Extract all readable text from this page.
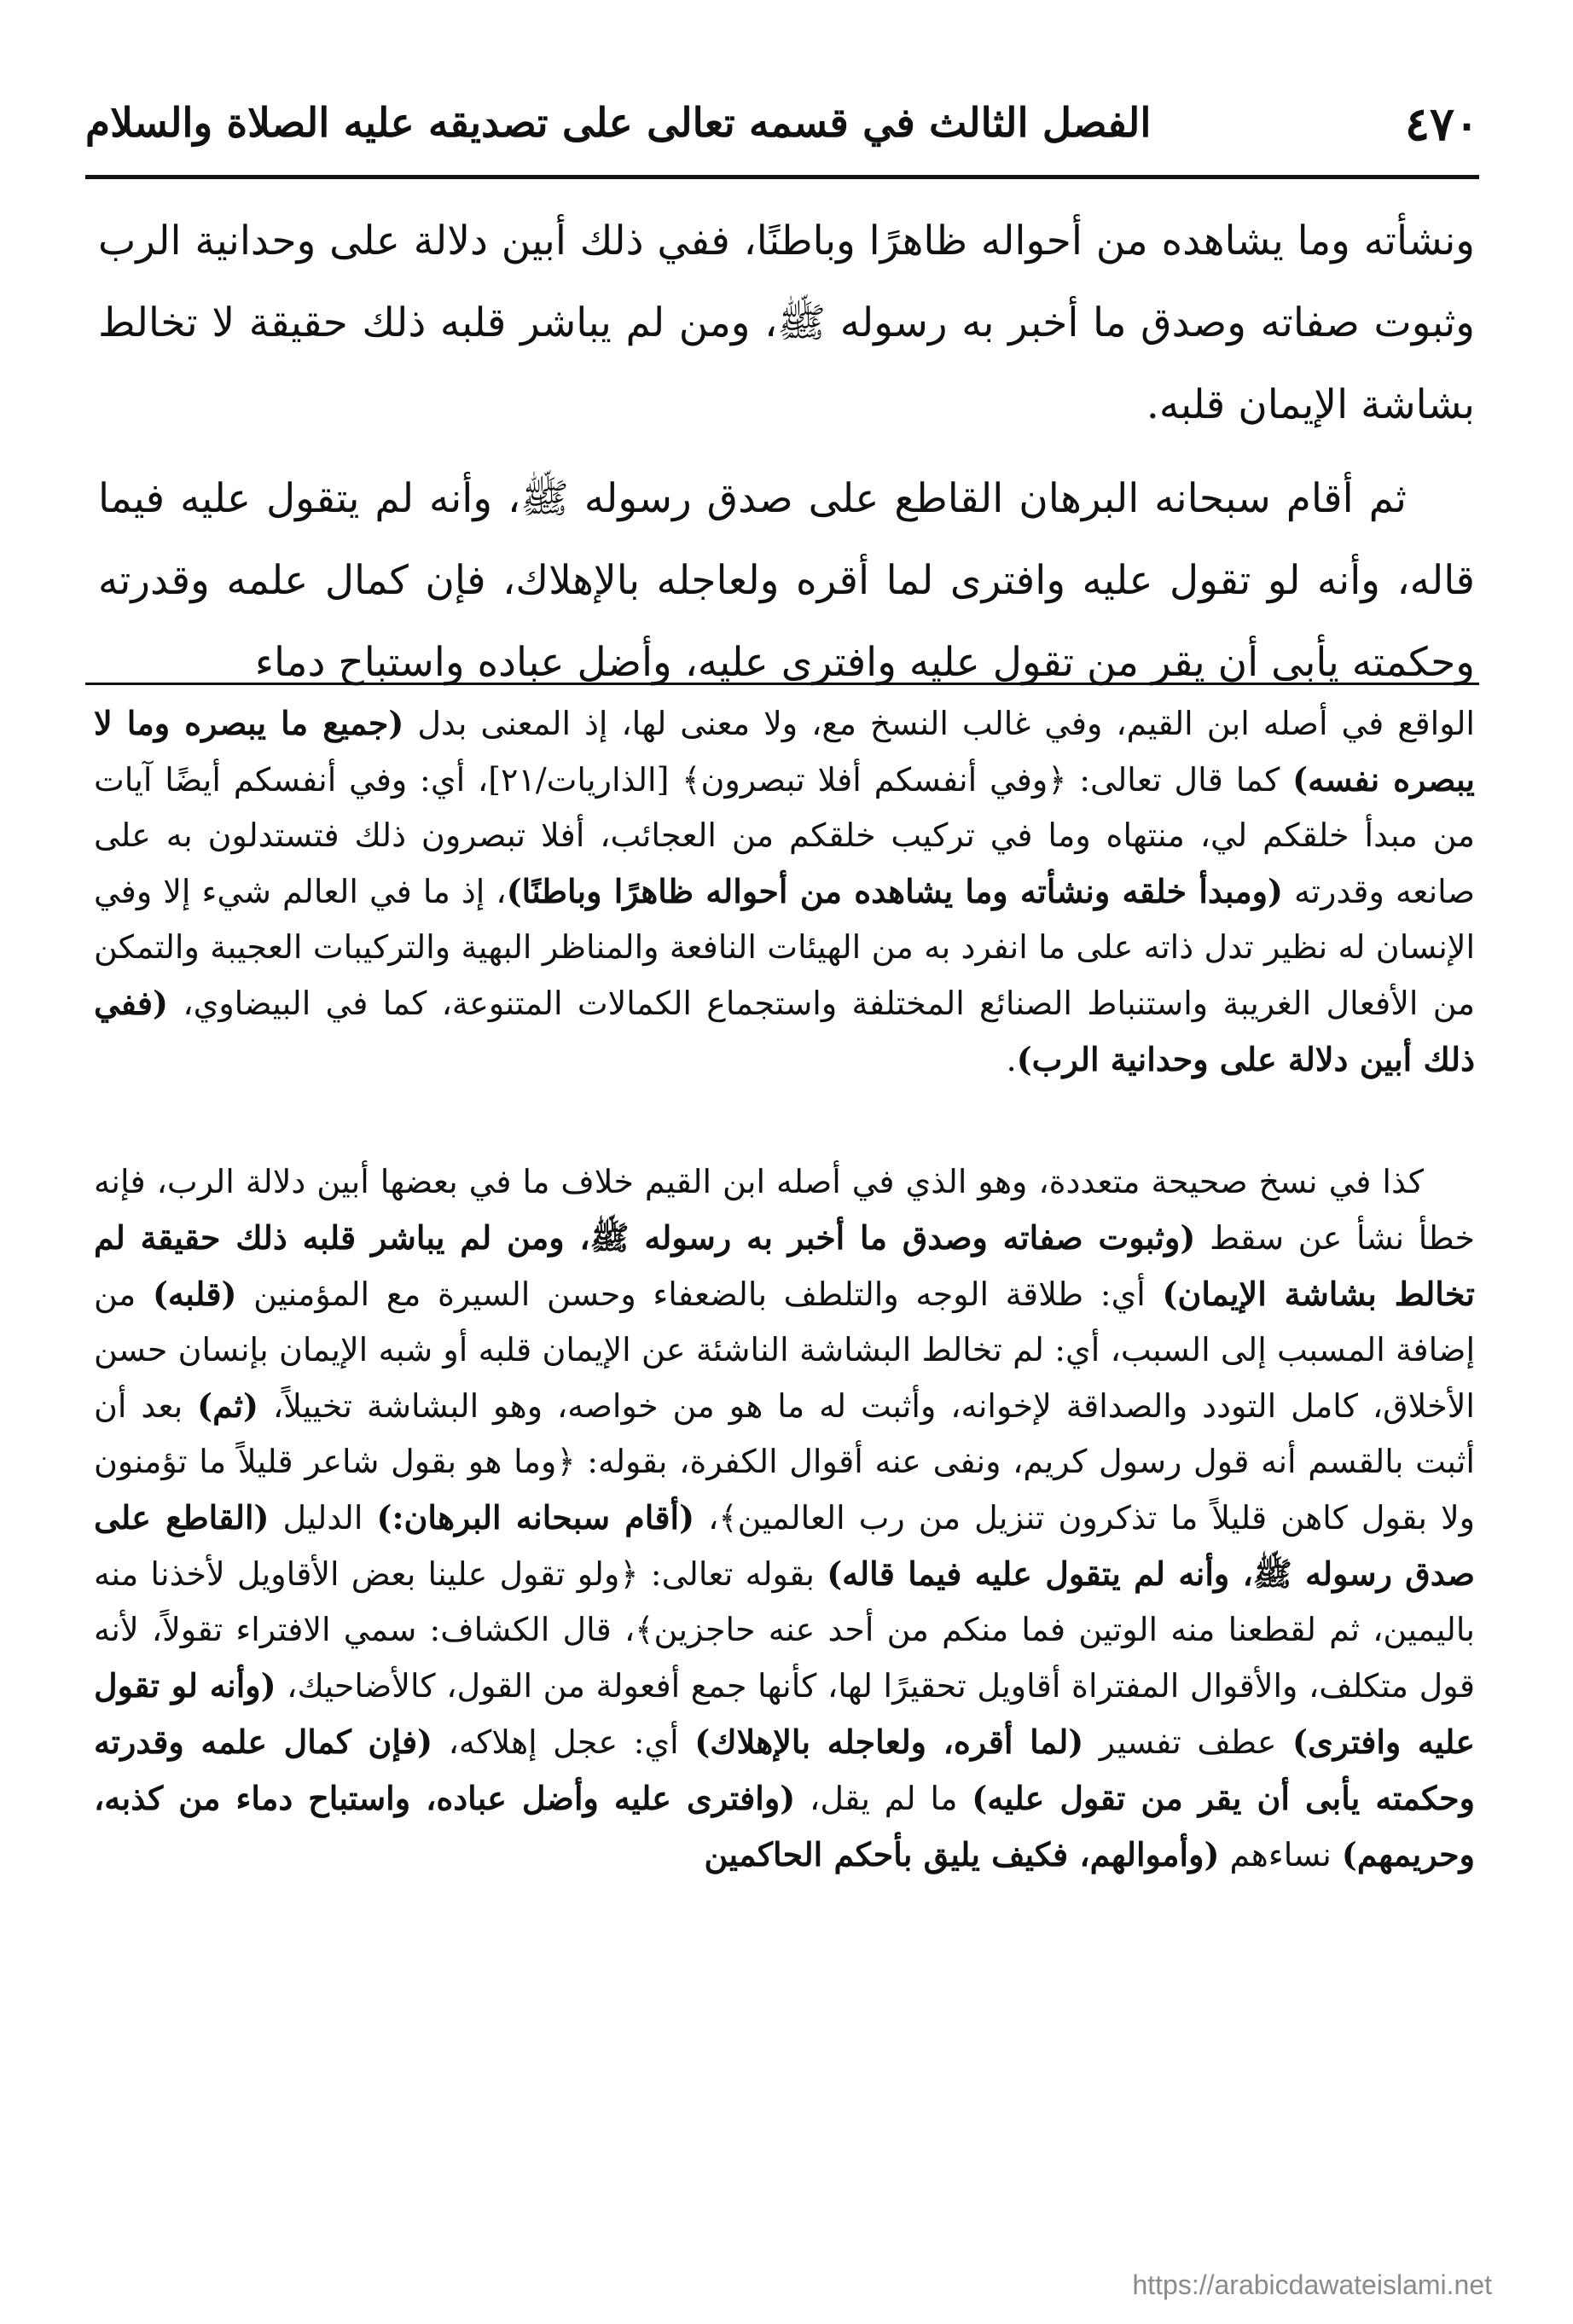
٤٧٠
الفصل الثالث في قسمه تعالى على تصديقه عليه الصلاة والسلام

ونشأته وما يشاهده من أحواله ظاهرًا وباطنًا، ففي ذلك أبين دلالة على وحدانية الرب وثبوت صفاته وصدق ما أخبر به رسوله ﷺ، ومن لم يباشر قلبه ذلك حقيقة لا تخالط بشاشة الإيمان قلبه.

ثم أقام سبحانه البرهان القاطع على صدق رسوله ﷺ، وأنه لم يتقول عليه فيما قاله، وأنه لو تقول عليه وافترى لما أقره ولعاجله بالإهلاك، فإن كمال علمه وقدرته وحكمته يأبى أن يقر من تقول عليه وافترى عليه، وأضل عباده واستباح دماء

الواقع في أصله ابن القيم، وفي غالب النسخ مع، ولا معنى لها، إذ المعنى بدل (جميع ما يبصره وما لا يبصره نفسه) كما قال تعالى: ﴿وفي أنفسكم أفلا تبصرون﴾ [الذاريات/٢١]، أي: وفي أنفسكم أيضًا آيات من مبدأ خلقكم لي، منتهاه وما في تركيب خلقكم من العجائب، أفلا تبصرون ذلك فتستدلون به على صانعه وقدرته (ومبدأ خلقه ونشأته وما يشاهده من أحواله ظاهرًا وباطنًا)، إذ ما في العالم شيء إلا وفي الإنسان له نظير تدل ذاته على ما انفرد به من الهيئات النافعة والمناظر البهية والتركيبات العجيبة والتمكن من الأفعال الغريبة واستنباط الصنائع المختلفة واستجماع الكمالات المتنوعة، كما في البيضاوي، (ففي ذلك أبين دلالة على وحدانية الرب).

كذا في نسخ صحيحة متعددة، وهو الذي في أصله ابن القيم خلاف ما في بعضها أبين دلالة الرب، فإنه خطأ نشأ عن سقط (وثبوت صفاته وصدق ما أخبر به رسوله ﷺ، ومن لم يباشر قلبه ذلك حقيقة لم تخالط بشاشة الإيمان) أي: طلاقة الوجه والتلطف بالضعفاء وحسن السيرة مع المؤمنين (قلبه) من إضافة المسبب إلى السبب، أي: لم تخالط البشاشة الناشئة عن الإيمان قلبه أو شبه الإيمان بإنسان حسن الأخلاق، كامل التودد والصداقة لإخوانه، وأثبت له ما هو من خواصه، وهو البشاشة تخييلاً، (ثم) بعد أن أثبت بالقسم أنه قول رسول كريم، ونفى عنه أقوال الكفرة، بقوله: ﴿وما هو بقول شاعر قليلاً ما تؤمنون ولا بقول كاهن قليلاً ما تذكرون تنزيل من رب العالمين﴾، (أقام سبحانه البرهان:) الدليل (القاطع على صدق رسوله ﷺ، وأنه لم يتقول عليه فيما قاله) بقوله تعالى: ﴿ولو تقول علينا بعض الأقاويل لأخذنا منه باليمين، ثم لقطعنا منه الوتين فما منكم من أحد عنه حاجزين﴾، قال الكشاف: سمي الافتراء تقولاً، لأنه قول متكلف، والأقوال المفتراة أقاويل تحقيرًا لها، كأنها جمع أفعولة من القول، كالأضاحيك، (وأنه لو تقول عليه وافترى) عطف تفسير (لما أقره، ولعاجله بالإهلاك) أي: عجل إهلاكه، (فإن كمال علمه وقدرته وحكمته يأبى أن يقر من تقول عليه) ما لم يقل، (وافترى عليه وأضل عباده، واستباح دماء من كذبه، وحريمهم) نساءهم (وأموالهم، فكيف يليق بأحكم الحاكمين

https://arabicdawateislami.net
